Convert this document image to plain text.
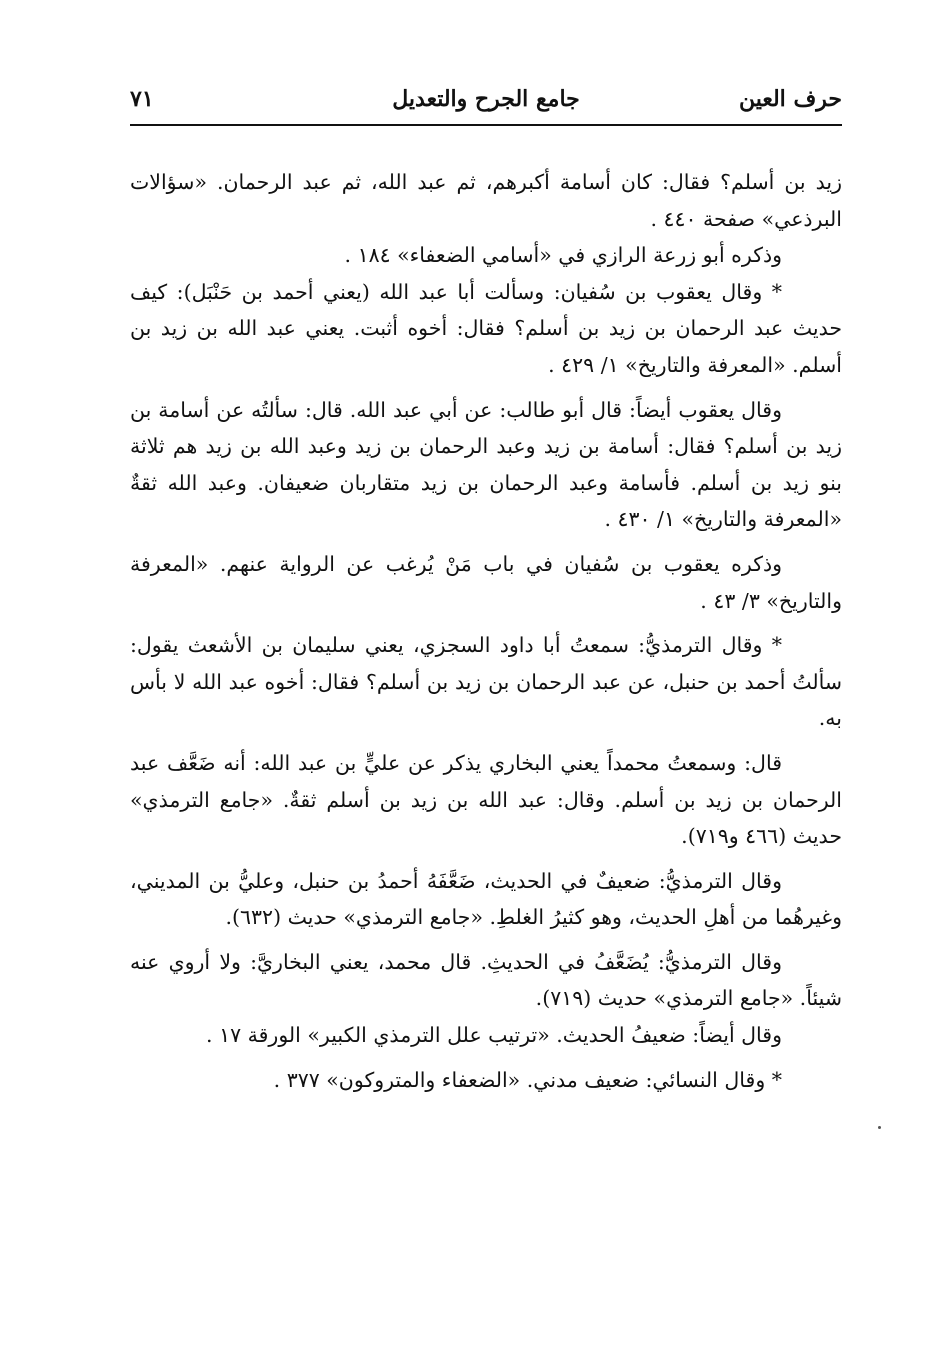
حرف العين
جامع الجرح والتعديل
٧١

زيد بن أسلم؟ فقال: كان أسامة أكبرهم، ثم عبد الله، ثم عبد الرحمان. «سؤالات البرذعي» صفحة ٤٤٠ .

وذكره أبو زرعة الرازي في «أسامي الضعفاء» ١٨٤ .

* وقال يعقوب بن سُفيان: وسألت أبا عبد الله (يعني أحمد بن حَنْبَل): كيف حديث عبد الرحمان بن زيد بن أسلم؟ فقال: أخوه أثبت. يعني عبد الله بن زيد بن أسلم. «المعرفة والتاريخ» ١/ ٤٢٩ .

وقال يعقوب أيضاً: قال أبو طالب: عن أبي عبد الله. قال: سألتُه عن أسامة بن زيد بن أسلم؟ فقال: أسامة بن زيد وعبد الرحمان بن زيد وعبد الله بن زيد هم ثلاثة بنو زيد بن أسلم. فأسامة وعبد الرحمان بن زيد متقاربان ضعيفان. وعبد الله ثقةٌ «المعرفة والتاريخ» ١/ ٤٣٠ .

وذكره يعقوب بن سُفيان في باب مَنْ يُرغب عن الرواية عنهم. «المعرفة والتاريخ» ٣/ ٤٣ .

* وقال الترمذيُّ: سمعتُ أبا داود السجزي، يعني سليمان بن الأشعث يقول: سألتُ أحمد بن حنبل، عن عبد الرحمان بن زيد بن أسلم؟ فقال: أخوه عبد الله لا بأس به.

قال: وسمعتُ محمداً يعني البخاري يذكر عن عليٍّ بن عبد الله: أنه ضَعَّف عبد الرحمان بن زيد بن أسلم. وقال: عبد الله بن زيد بن أسلم ثقةٌ. «جامع الترمذي» حديث (٤٦٦ و٧١٩).

وقال الترمذيُّ: ضعيفٌ في الحديث، ضَعَّفَهُ أحمدُ بن حنبل، وعليُّ بن المديني، وغيرهُما من أهلِ الحديث، وهو كثيرُ الغلطِ. «جامع الترمذي» حديث (٦٣٢).

وقال الترمذيُّ: يُضَعَّفُ في الحديثِ. قال محمد، يعني البخاريَّ: ولا أروي عنه شيئاً. «جامع الترمذي» حديث (٧١٩).

وقال أيضاً: ضعيفُ الحديث. «ترتيب علل الترمذي الكبير» الورقة ١٧ .

* وقال النسائي: ضعيف مدني. «الضعفاء والمتروكون» ٣٧٧ .
